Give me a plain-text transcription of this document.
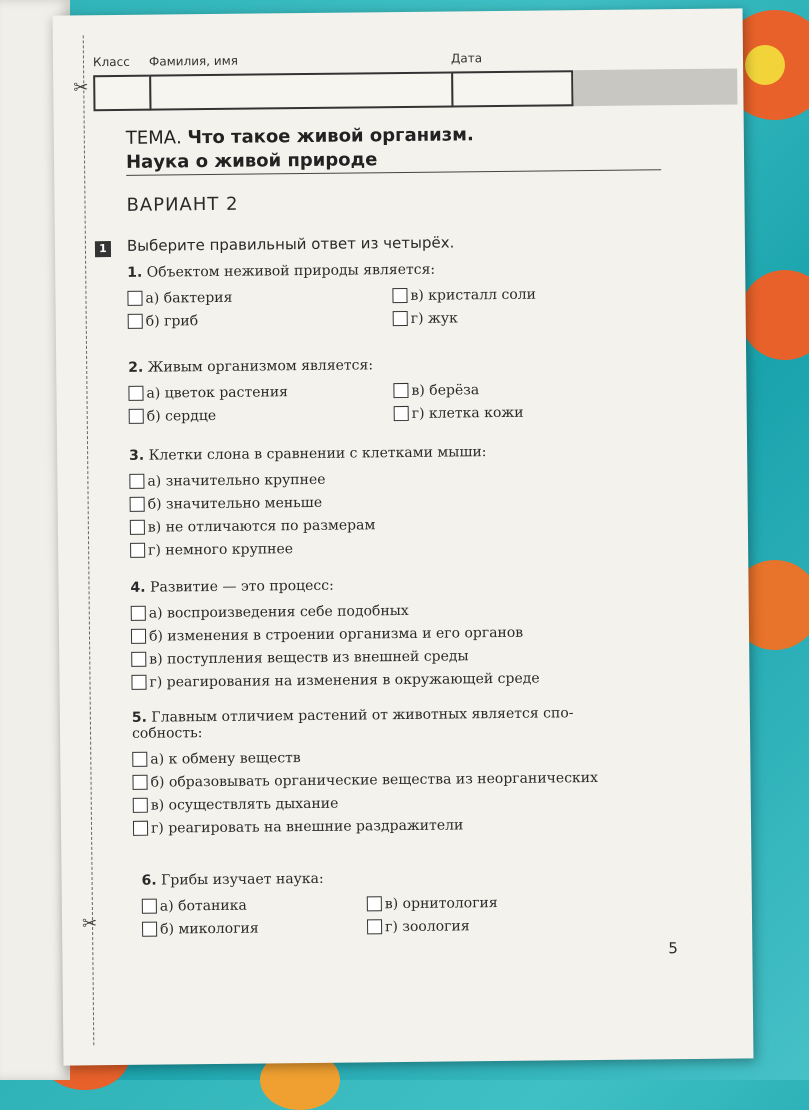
✂
✂
Класс Фамилия, имя	Дата
ТЕМА. Что такое живой организм.
Наука о живой природе
ВАРИАНТ 2
1 Выберите правильный ответ из четырёх.
1. Объектом неживой природы является:
а) бактерия	в) кристалл соли
б) гриб	г) жук
2. Живым организмом является:
а) цветок растения	в) берёза
б) сердце	г) клетка кожи
3. Клетки слона в сравнении с клетками мыши:
а) значительно крупнее
б) значительно меньше
в) не отличаются по размерам
г) немного крупнее
4. Развитие — это процесс:
а) воспроизведения себе подобных
б) изменения в строении организма и его органов
в) поступления веществ из внешней среды
г) реагирования на изменения в окружающей среде
5. Главным отличием растений от животных является спо-
собность:
а) к обмену веществ
б) образовывать органические вещества из неорганических
в) осуществлять дыхание
г) реагировать на внешние раздражители
6. Грибы изучает наука:
а) ботаника	в) орнитология
б) микология	г) зоология
5
